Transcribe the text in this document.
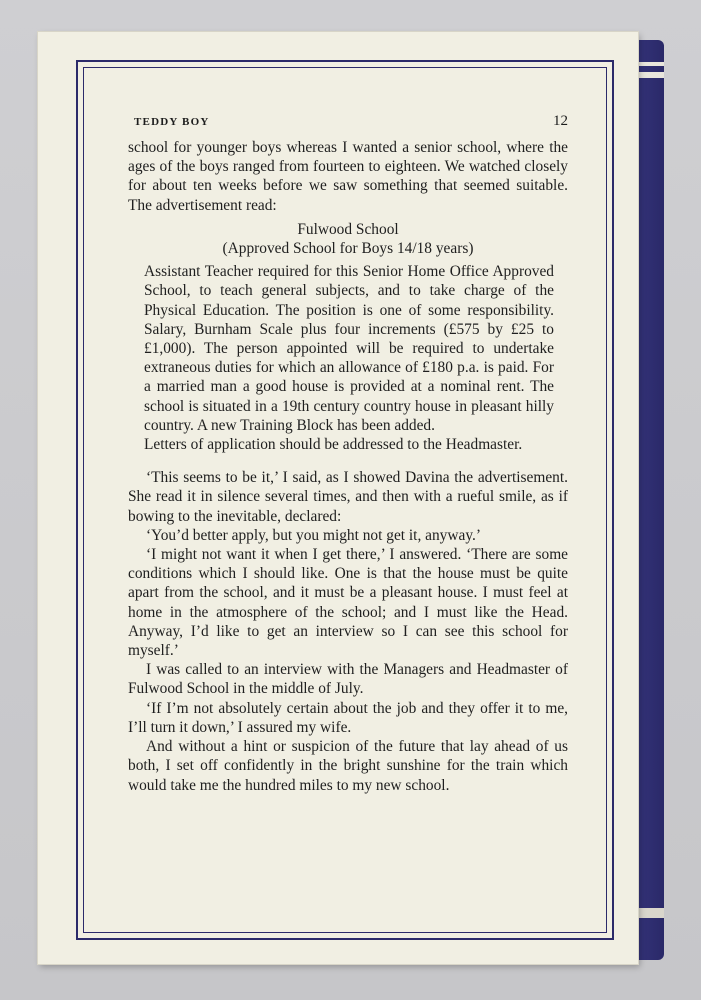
TEDDY BOY	12

school for younger boys whereas I wanted a senior school, where the ages of the boys ranged from fourteen to eighteen. We watched closely for about ten weeks before we saw something that seemed suitable. The advertisement read:

Fulwood School

(Approved School for Boys 14/18 years)

Assistant Teacher required for this Senior Home Office Approved School, to teach general subjects, and to take charge of the Physical Education. The position is one of some responsibility. Salary, Burnham Scale plus four increments (£575 by £25 to £1,000). The person appointed will be required to undertake extraneous duties for which an allowance of £180 p.a. is paid. For a married man a good house is provided at a nominal rent. The school is situated in a 19th century country house in pleasant hilly country. A new Training Block has been added.

Letters of application should be addressed to the Headmaster.

‘This seems to be it,’ I said, as I showed Davina the advertisement. She read it in silence several times, and then with a rueful smile, as if bowing to the inevitable, declared:

‘You’d better apply, but you might not get it, anyway.’

‘I might not want it when I get there,’ I answered. ‘There are some conditions which I should like. One is that the house must be quite apart from the school, and it must be a pleasant house. I must feel at home in the atmosphere of the school; and I must like the Head. Anyway, I’d like to get an interview so I can see this school for myself.’

I was called to an interview with the Managers and Headmaster of Fulwood School in the middle of July.

‘If I’m not absolutely certain about the job and they offer it to me, I’ll turn it down,’ I assured my wife.

And without a hint or suspicion of the future that lay ahead of us both, I set off confidently in the bright sunshine for the train which would take me the hundred miles to my new school.
